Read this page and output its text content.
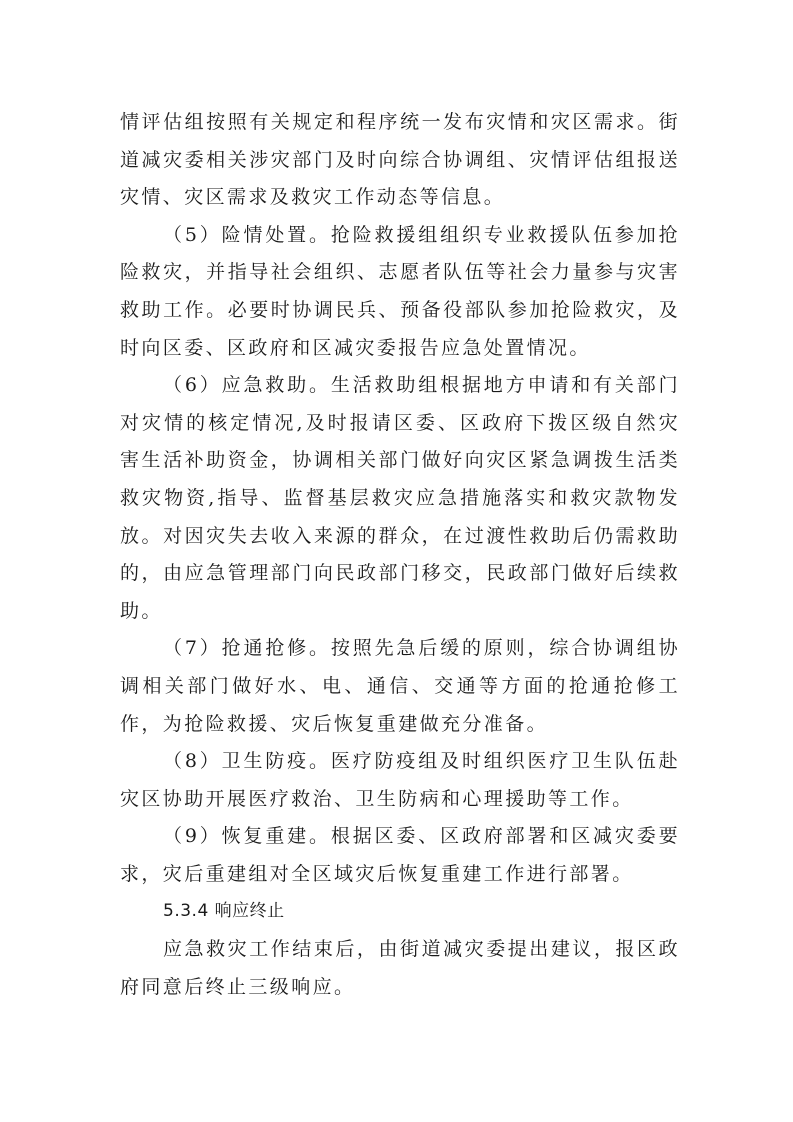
情评估组按照有关规定和程序统一发布灾情和灾区需求。街道减灾委相关涉灾部门及时向综合协调组、灾情评估组报送灾情、灾区需求及救灾工作动态等信息。

（5）险情处置。抢险救援组组织专业救援队伍参加抢险救灾，并指导社会组织、志愿者队伍等社会力量参与灾害救助工作。必要时协调民兵、预备役部队参加抢险救灾，及时向区委、区政府和区减灾委报告应急处置情况。

（6）应急救助。生活救助组根据地方申请和有关部门对灾情的核定情况,及时报请区委、区政府下拨区级自然灾害生活补助资金，协调相关部门做好向灾区紧急调拨生活类救灾物资,指导、监督基层救灾应急措施落实和救灾款物发放。对因灾失去收入来源的群众，在过渡性救助后仍需救助的，由应急管理部门向民政部门移交，民政部门做好后续救助。

（7）抢通抢修。按照先急后缓的原则，综合协调组协调相关部门做好水、电、通信、交通等方面的抢通抢修工作，为抢险救援、灾后恢复重建做充分准备。

（8）卫生防疫。医疗防疫组及时组织医疗卫生队伍赴灾区协助开展医疗救治、卫生防病和心理援助等工作。

（9）恢复重建。根据区委、区政府部署和区减灾委要求，灾后重建组对全区域灾后恢复重建工作进行部署。

5.3.4 响应终止

应急救灾工作结束后，由街道减灾委提出建议，报区政府同意后终止三级响应。
